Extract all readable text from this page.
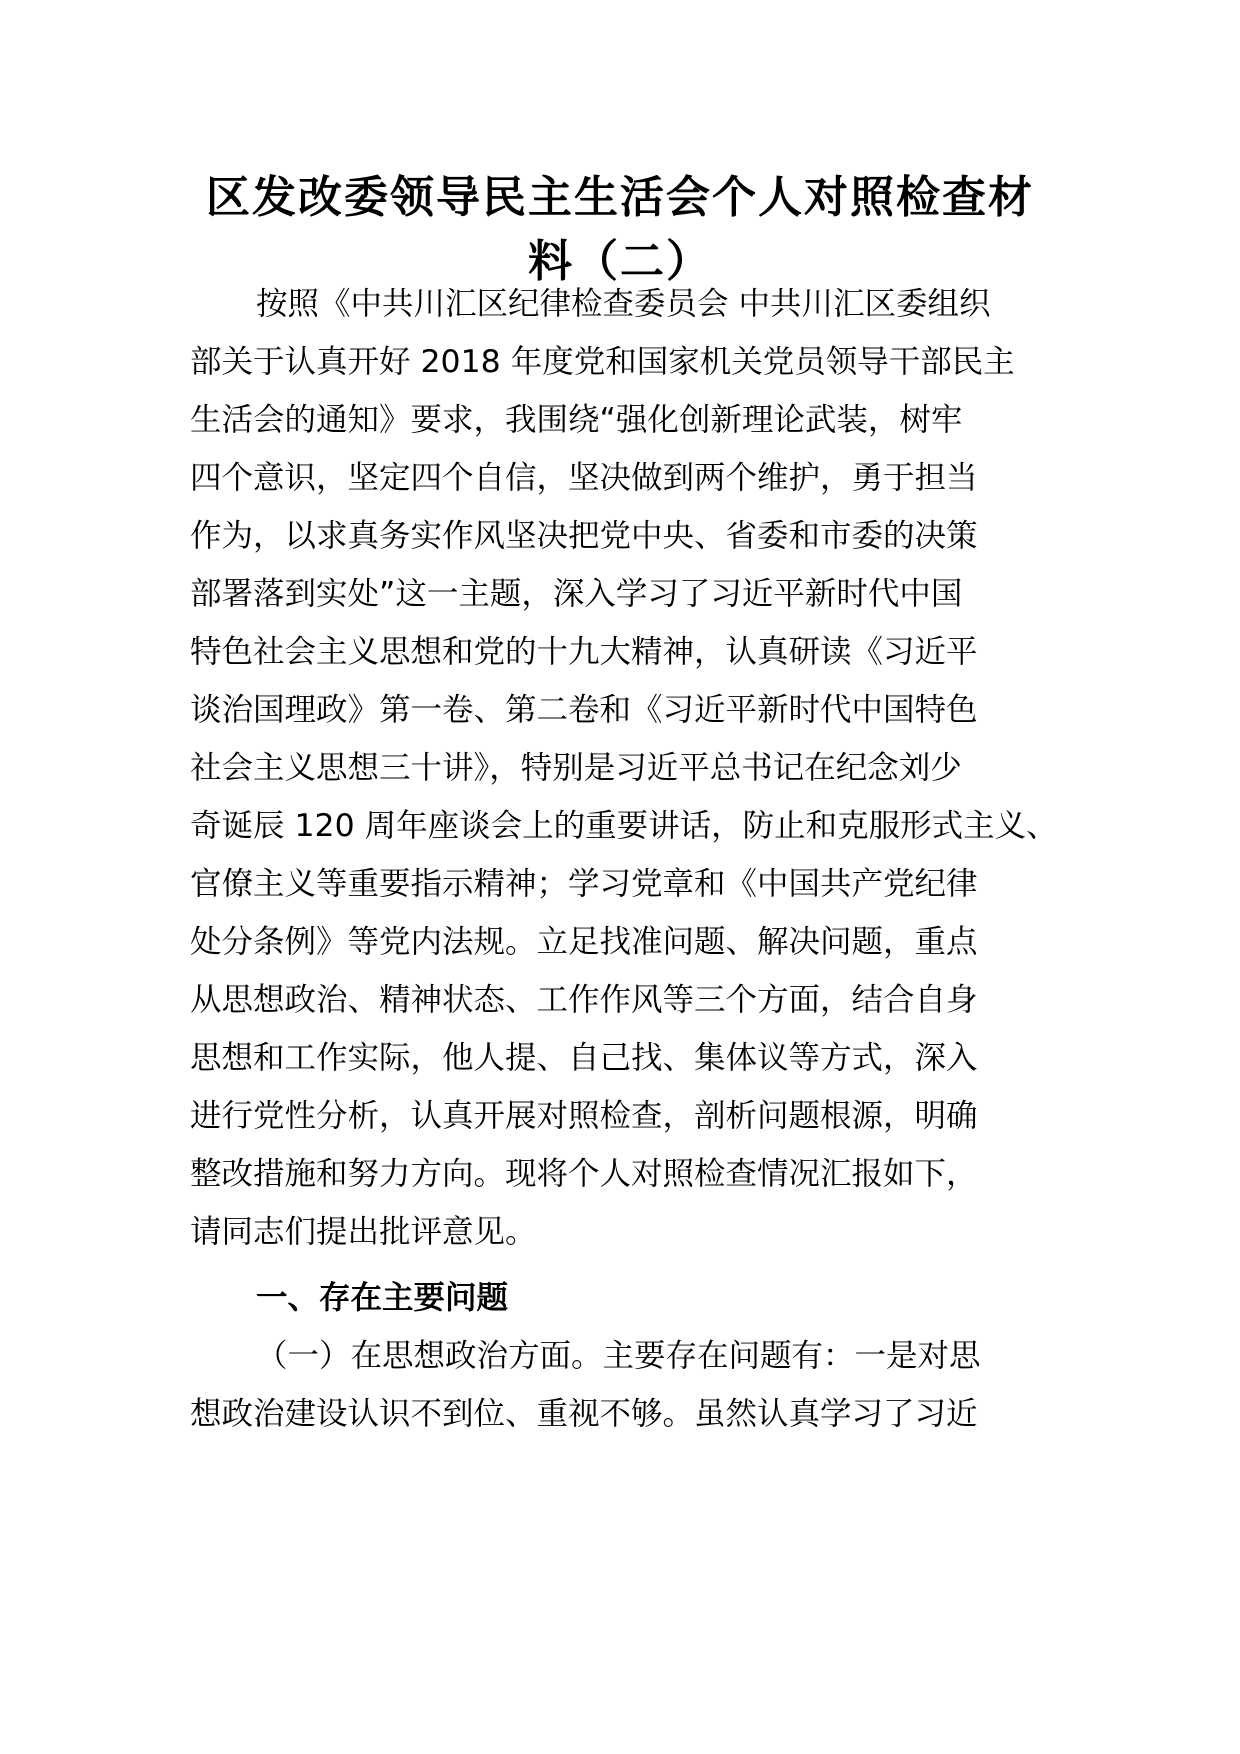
区发改委领导民主生活会个人对照检查材
料（二）
按照《中共川汇区纪律检查委员会 中共川汇区委组织
部关于认真开好 2018 年度党和国家机关党员领导干部民主
生活会的通知》要求，我围绕“强化创新理论武装，树牢
四个意识，坚定四个自信，坚决做到两个维护，勇于担当
作为，以求真务实作风坚决把党中央、省委和市委的决策
部署落到实处”这一主题，深入学习了习近平新时代中国
特色社会主义思想和党的十九大精神，认真研读《习近平
谈治国理政》第一卷、第二卷和《习近平新时代中国特色
社会主义思想三十讲》，特别是习近平总书记在纪念刘少
奇诞辰 120 周年座谈会上的重要讲话，防止和克服形式主义、
官僚主义等重要指示精神；学习党章和《中国共产党纪律
处分条例》等党内法规。立足找准问题、解决问题，重点
从思想政治、精神状态、工作作风等三个方面，结合自身
思想和工作实际，他人提、自己找、集体议等方式，深入
进行党性分析，认真开展对照检查，剖析问题根源，明确
整改措施和努力方向。现将个人对照检查情况汇报如下，
请同志们提出批评意见。
一、存在主要问题
（一）在思想政治方面。主要存在问题有：一是对思
想政治建设认识不到位、重视不够。虽然认真学习了习近
